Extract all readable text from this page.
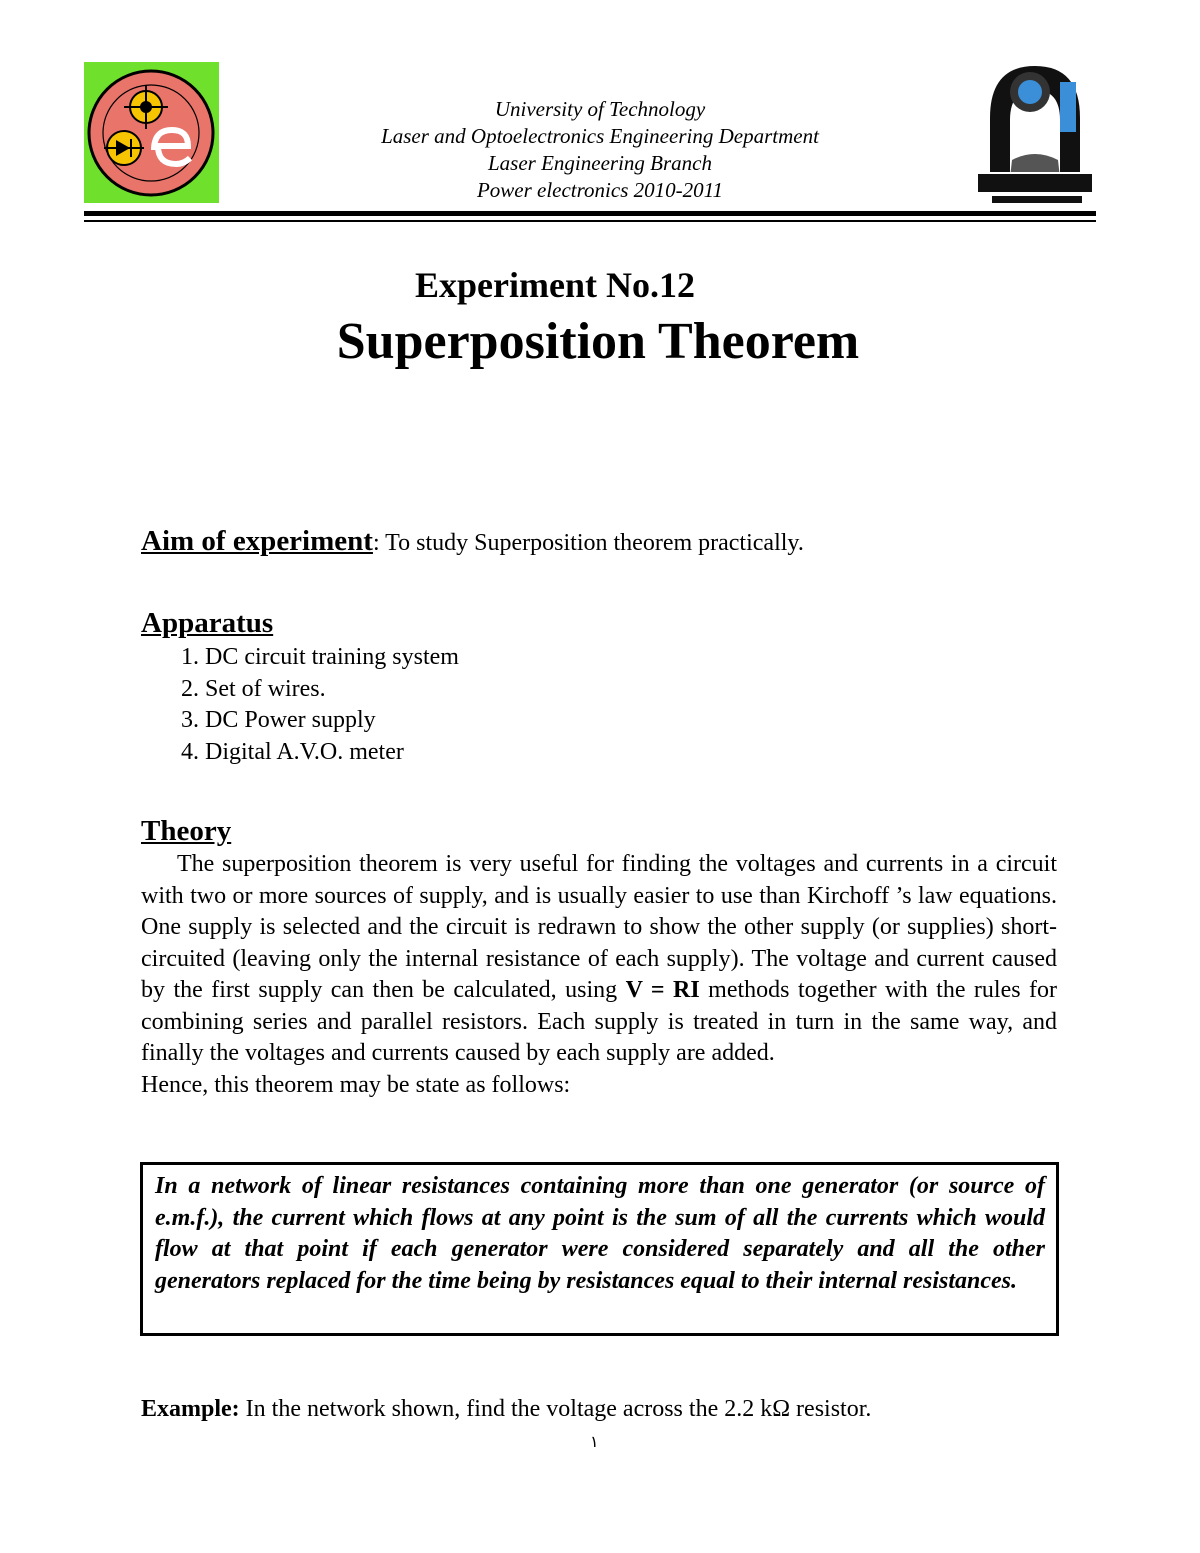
University of Technology
Laser and Optoelectronics Engineering Department
Laser Engineering Branch
Power electronics 2010-2011
Experiment No.12
Superposition Theorem
Aim of experiment: To study Superposition theorem practically.
Apparatus
1. DC circuit training system
2. Set of wires.
3. DC Power supply
4. Digital A.V.O. meter
Theory

The superposition theorem is very useful for finding the voltages and currents in a circuit with two or more sources of supply, and is usually easier to use than Kirchoff ’s law equations. One supply is selected and the circuit is redrawn to show the other supply (or supplies) short-circuited (leaving only the internal resistance of each supply). The voltage and current caused by the first supply can then be calculated, using V = RI methods together with the rules for combining series and parallel resistors. Each supply is treated in turn in the same way, and finally the voltages and currents caused by each supply are added.

Hence, this theorem may be state as follows:

In a network of linear resistances containing more than one generator (or source of e.m.f.), the current which flows at any point is the sum of all the currents which would flow at that point if each generator were considered separately and all the other generators replaced for the time being by resistances equal to their internal resistances.
Example: In the network shown, find the voltage across the 2.2 kΩ resistor.
١
